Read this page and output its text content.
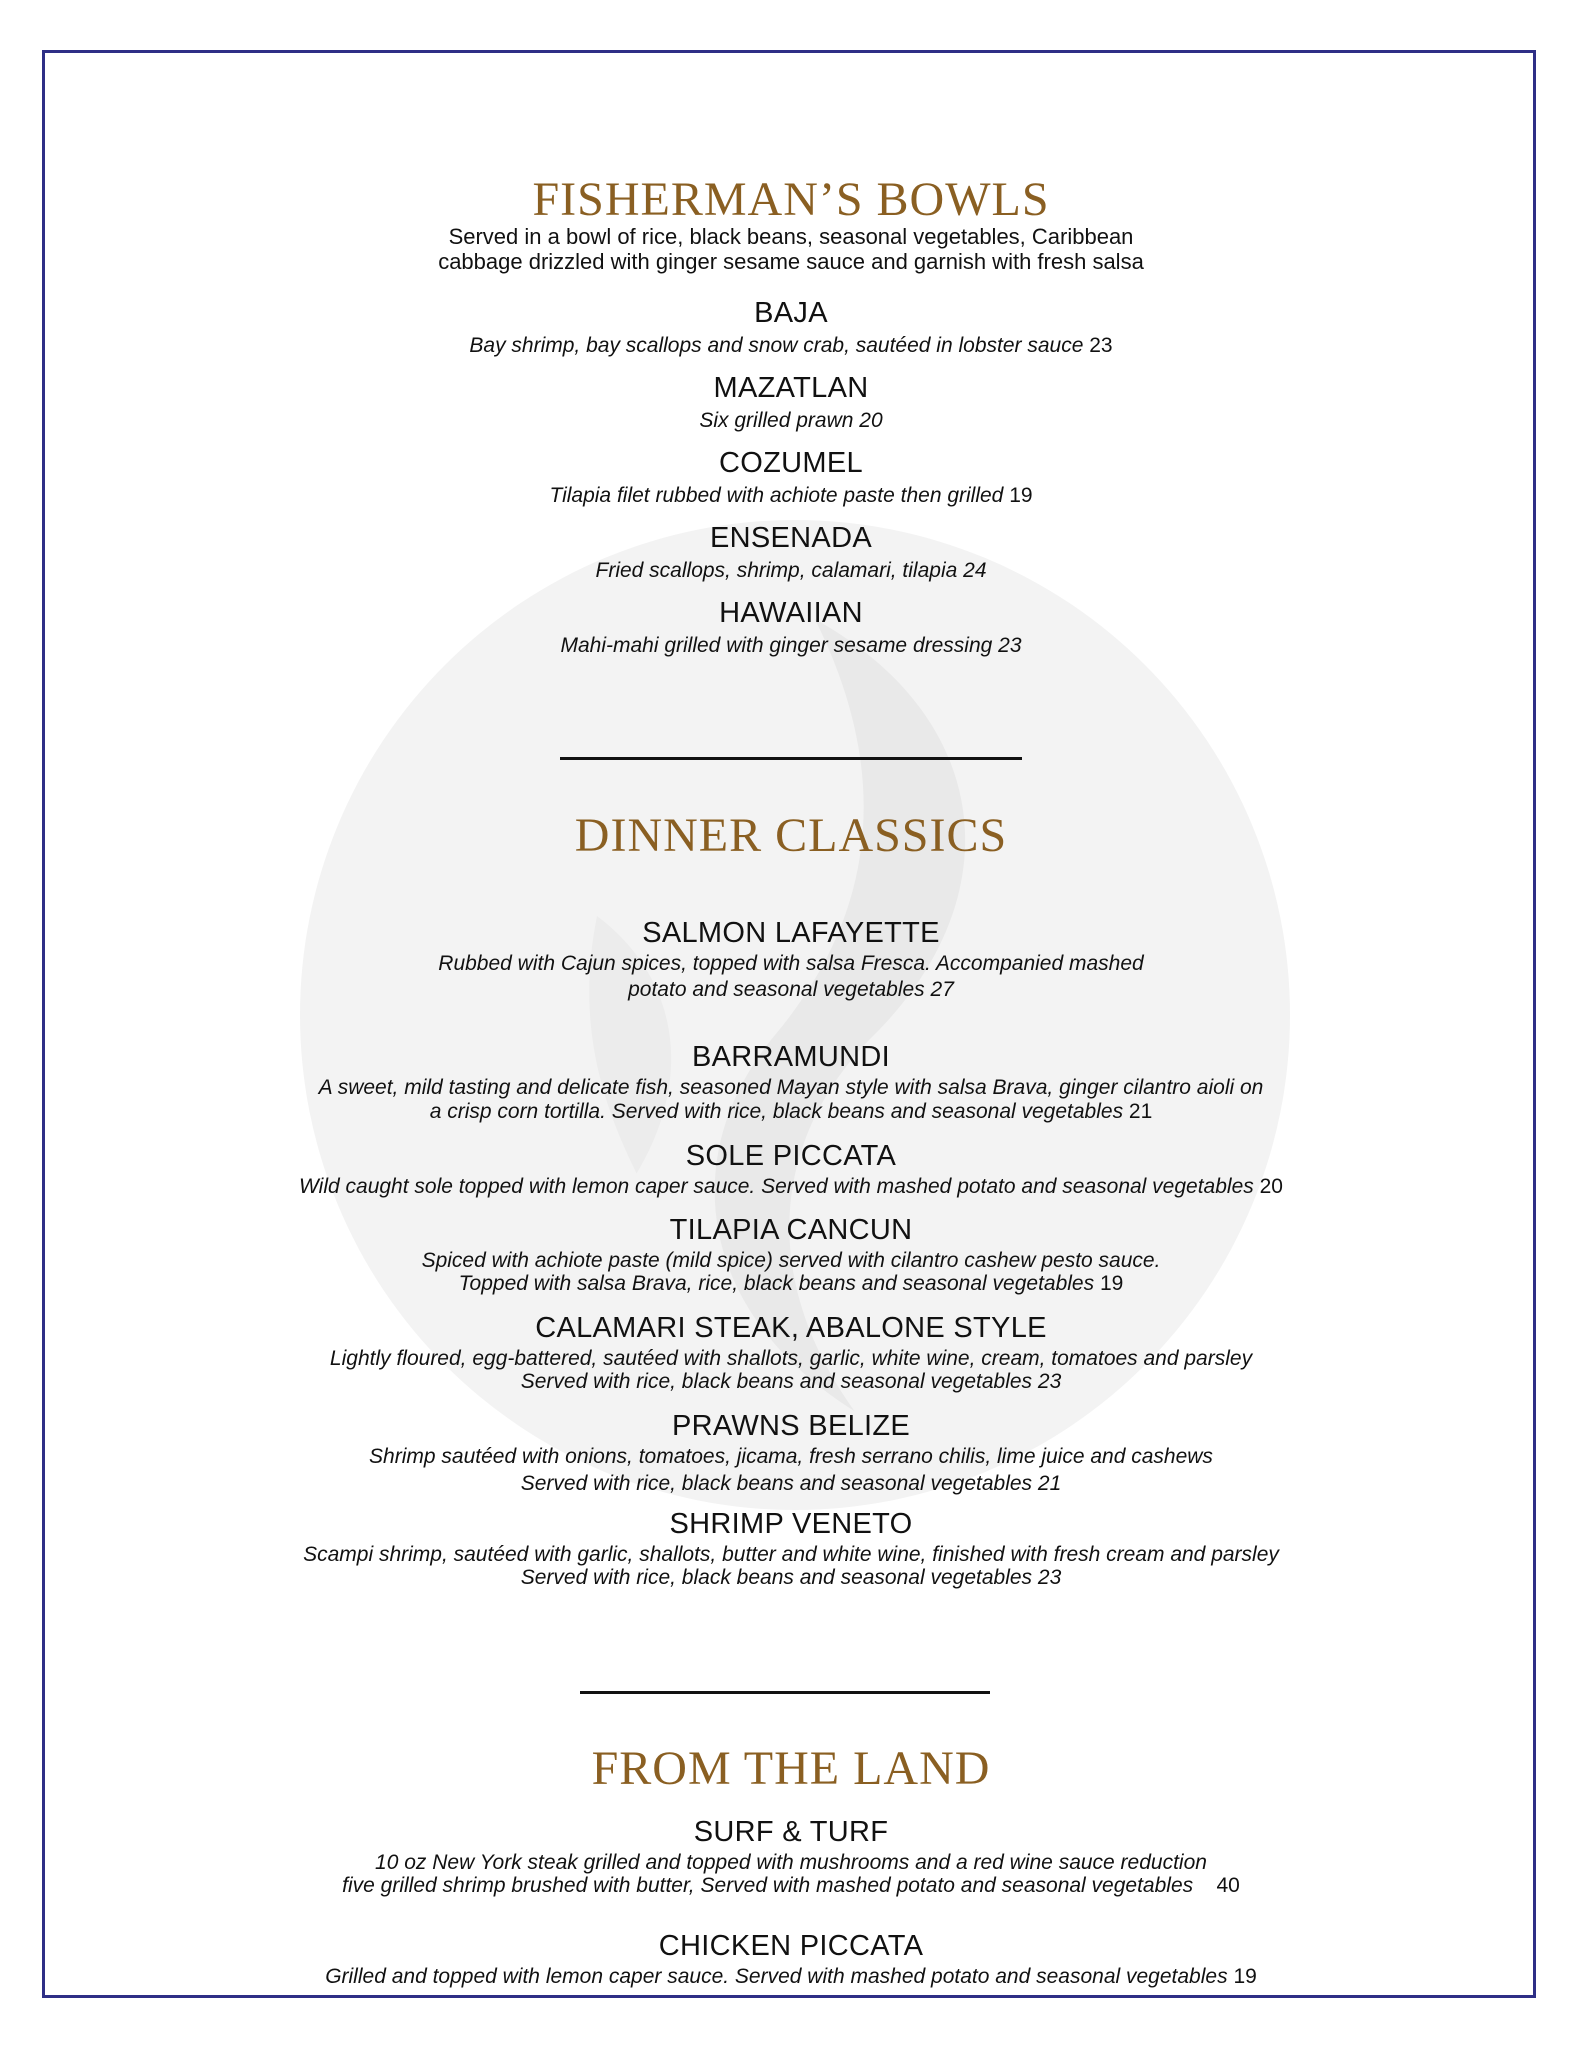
FISHERMAN’S BOWLS
Served in a bowl of rice, black beans, seasonal vegetables, Caribbean
cabbage drizzled with ginger sesame sauce and garnish with fresh salsa
BAJA
Bay shrimp, bay scallops and snow crab, sautéed in lobster sauce 23
MAZATLAN
Six grilled prawn 20
COZUMEL
Tilapia filet rubbed with achiote paste then grilled 19
ENSENADA
Fried scallops, shrimp, calamari, tilapia 24
HAWAIIAN
Mahi-mahi grilled with ginger sesame dressing 23
DINNER CLASSICS
SALMON LAFAYETTE
Rubbed with Cajun spices, topped with salsa Fresca. Accompanied mashed
potato and seasonal vegetables 27
BARRAMUNDI
A sweet, mild tasting and delicate fish, seasoned Mayan style with salsa Brava, ginger cilantro aioli on
a crisp corn tortilla. Served with rice, black beans and seasonal vegetables 21
SOLE PICCATA
Wild caught sole topped with lemon caper sauce. Served with mashed potato and seasonal vegetables 20
TILAPIA CANCUN
Spiced with achiote paste (mild spice) served with cilantro cashew pesto sauce.
Topped with salsa Brava, rice, black beans and seasonal vegetables 19
CALAMARI STEAK, ABALONE STYLE
Lightly floured, egg-battered, sautéed with shallots, garlic, white wine, cream, tomatoes and parsley
Served with rice, black beans and seasonal vegetables 23
PRAWNS BELIZE
Shrimp sautéed with onions, tomatoes, jicama, fresh serrano chilis, lime juice and cashews
Served with rice, black beans and seasonal vegetables 21
SHRIMP VENETO
Scampi shrimp, sautéed with garlic, shallots, butter and white wine, finished with fresh cream and parsley
Served with rice, black beans and seasonal vegetables 23
FROM THE LAND
SURF & TURF
10 oz New York steak grilled and topped with mushrooms and a red wine sauce reduction
five grilled shrimp brushed with butter, Served with mashed potato and seasonal vegetables 40
CHICKEN PICCATA
Grilled and topped with lemon caper sauce. Served with mashed potato and seasonal vegetables 19
